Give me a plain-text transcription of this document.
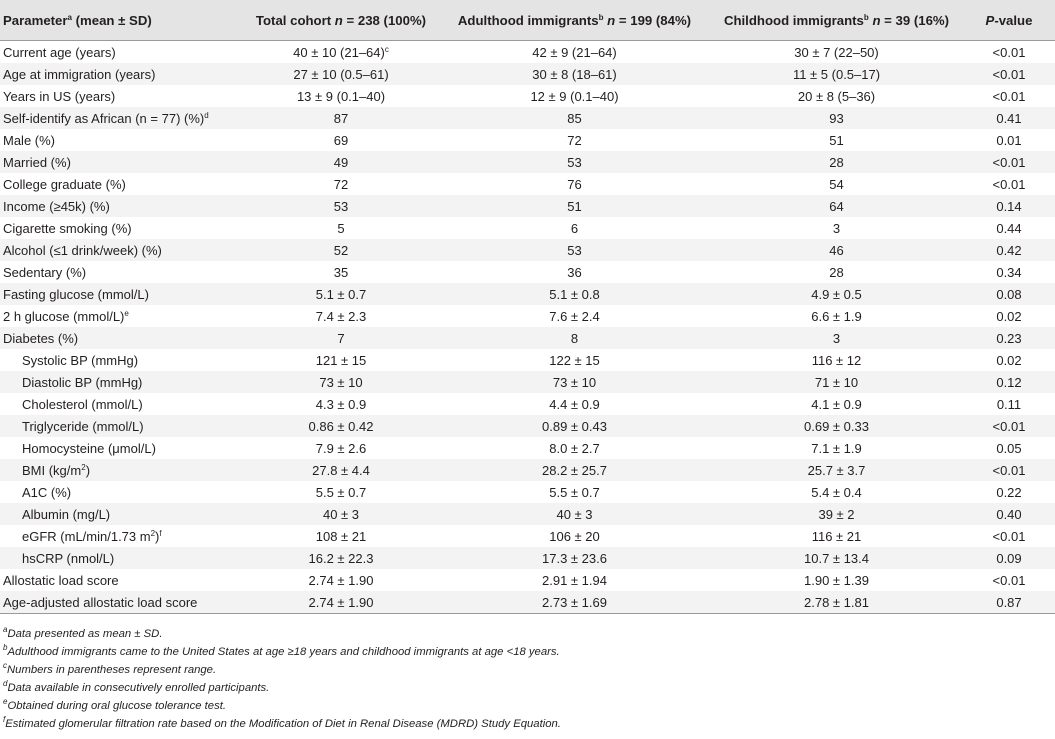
Parameter$^a$ (mean ± SD)	Total cohort n = 238 (100%)	Adulthood immigrants$^b$ n = 199 (84%)	Childhood immigrants$^b$ n = 39 (16%)	P-value
Current age (years)	40 ± 10 $(21-64)^c$	42 ± 9 (21–64)	30 ± 7 (22–50)	<0.01
Age at immigration (years)	27 ± 10 (0.5–61)	30 ± 8 (18–61)	11 ± 5 (0.5–17)	<0.01
Years in US (years)	13 ± 9 (0.1–40)	12 ± 9 (0.1–40)	20 ± 8 (5–36)	<0.01
Self-identify as African (n = 77) (%)$^d$	87	85	93	0.41
Male (%)	69	72	51	0.01
Married (%)	49	53	28	<0.01
College graduate (%)	72	76	54	<0.01
Income (≥45k) (%)	53	51	64	0.14
Cigarette smoking (%)	5	6	3	0.44
Alcohol (≤1 drink/week) (%)	52	53	46	0.42
Sedentary (%)	35	36	28	0.34
Fasting glucose (mmol/L)	5.1 ± 0.7	5.1 ± 0.8	4.9 ± 0.5	0.08
2 h glucose (mmol/L)$^e$	7.4 ± 2.3	7.6 ± 2.4	6.6 ± 1.9	0.02
Diabetes (%)	7	8	3	0.23
Systolic BP (mmHg)	121 ± 15	122 ± 15	116 ± 12	0.02
Diastolic BP (mmHg)	73 ± 10	73 ± 10	71 ± 10	0.12
Cholesterol (mmol/L)	4.3 ± 0.9	4.4 ± 0.9	4.1 ± 0.9	0.11
Triglyceride (mmol/L)	0.86 ± 0.42	0.89 ± 0.43	0.69 ± 0.33	<0.01
Homocysteine (μmol/L)	7.9 ± 2.6	8.0 ± 2.7	7.1 ± 1.9	0.05
BMI $(kg/m^2)$	27.8 ± 4.4	28.2 ± 25.7	25.7 ± 3.7	<0.01
A1C (%)	5.5 ± 0.7	5.5 ± 0.7	5.4 ± 0.4	0.22
Albumin (mg/L)	40 ± 3	40 ± 3	39 ± 2	0.40
eGFR (mL/min/1.73 $m^2)^f$	108 ± 21	106 ± 20	116 ± 21	<0.01
hsCRP (nmol/L)	16.2 ± 22.3	17.3 ± 23.6	10.7 ± 13.4	0.09
Allostatic load score	2.74 ± 1.90	2.91 ± 1.94	1.90 ± 1.39	<0.01
Age-adjusted allostatic load score	2.74 ± 1.90	2.73 ± 1.69	2.78 ± 1.81	0.87
$^a$Data presented as mean ± SD.
$^b$Adulthood immigrants came to the United States at age ≥18 years and childhood immigrants at age <18 years.
$^c$Numbers in parentheses represent range.
$^d$Data available in consecutively enrolled participants.
$^e$Obtained during oral glucose tolerance test.
$^f$Estimated glomerular filtration rate based on the Modification of Diet in Renal Disease (MDRD) Study Equation.
